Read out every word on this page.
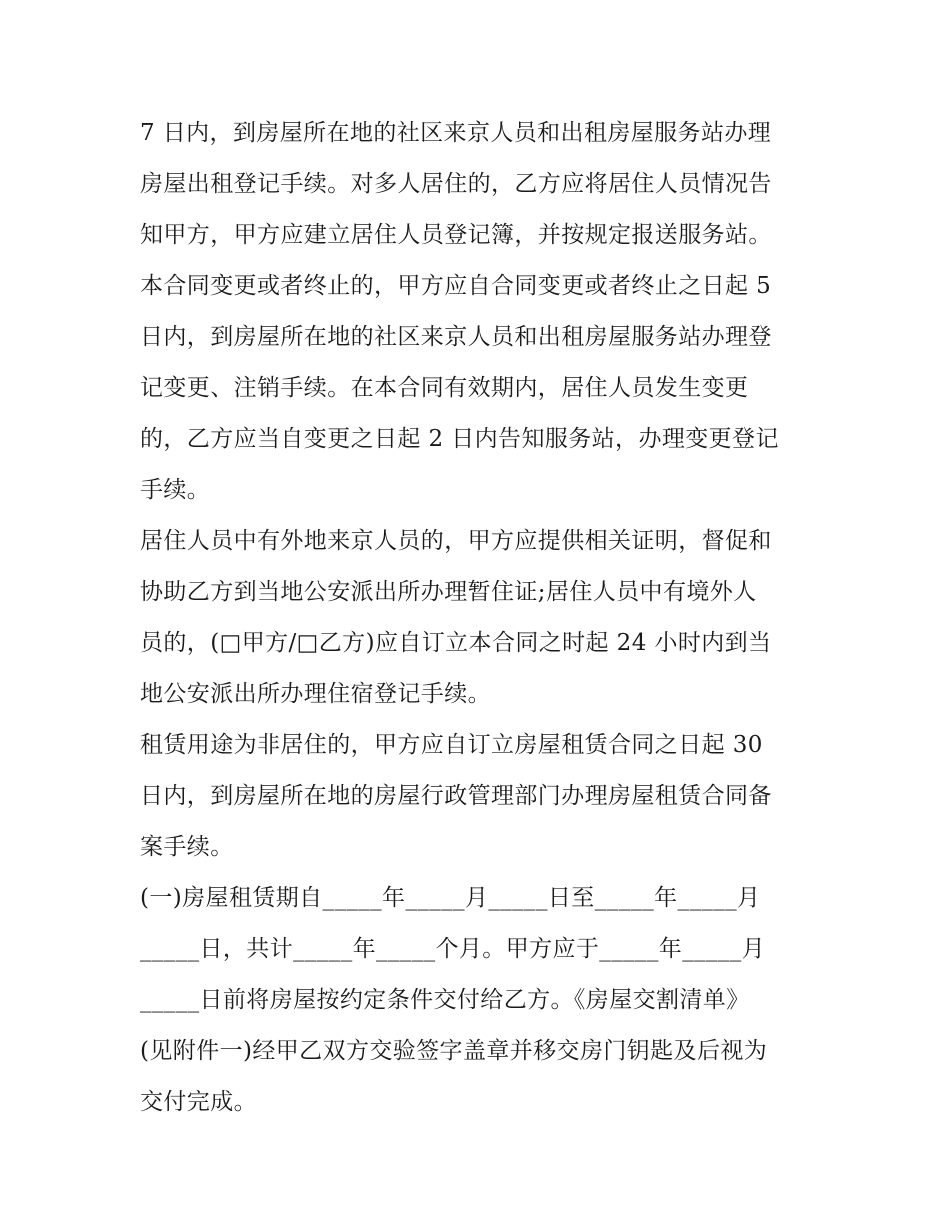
7 日内，到房屋所在地的社区来京人员和出租房屋服务站办理
房屋出租登记手续。对多人居住的，乙方应将居住人员情况告
知甲方，甲方应建立居住人员登记簿，并按规定报送服务站。
本合同变更或者终止的，甲方应自合同变更或者终止之日起 5
日内，到房屋所在地的社区来京人员和出租房屋服务站办理登
记变更、注销手续。在本合同有效期内，居住人员发生变更
的，乙方应当自变更之日起 2 日内告知服务站，办理变更登记
手续。
居住人员中有外地来京人员的，甲方应提供相关证明，督促和
协助乙方到当地公安派出所办理暂住证;居住人员中有境外人
员的，(□甲方/□乙方)应自订立本合同之时起 24 小时内到当
地公安派出所办理住宿登记手续。
租赁用途为非居住的，甲方应自订立房屋租赁合同之日起 30
日内，到房屋所在地的房屋行政管理部门办理房屋租赁合同备
案手续。
(一)房屋租赁期自_____年_____月_____日至_____年_____月
_____日，共计_____年_____个月。甲方应于_____年_____月
_____日前将房屋按约定条件交付给乙方。《房屋交割清单》
(见附件一)经甲乙双方交验签字盖章并移交房门钥匙及后视为
交付完成。
